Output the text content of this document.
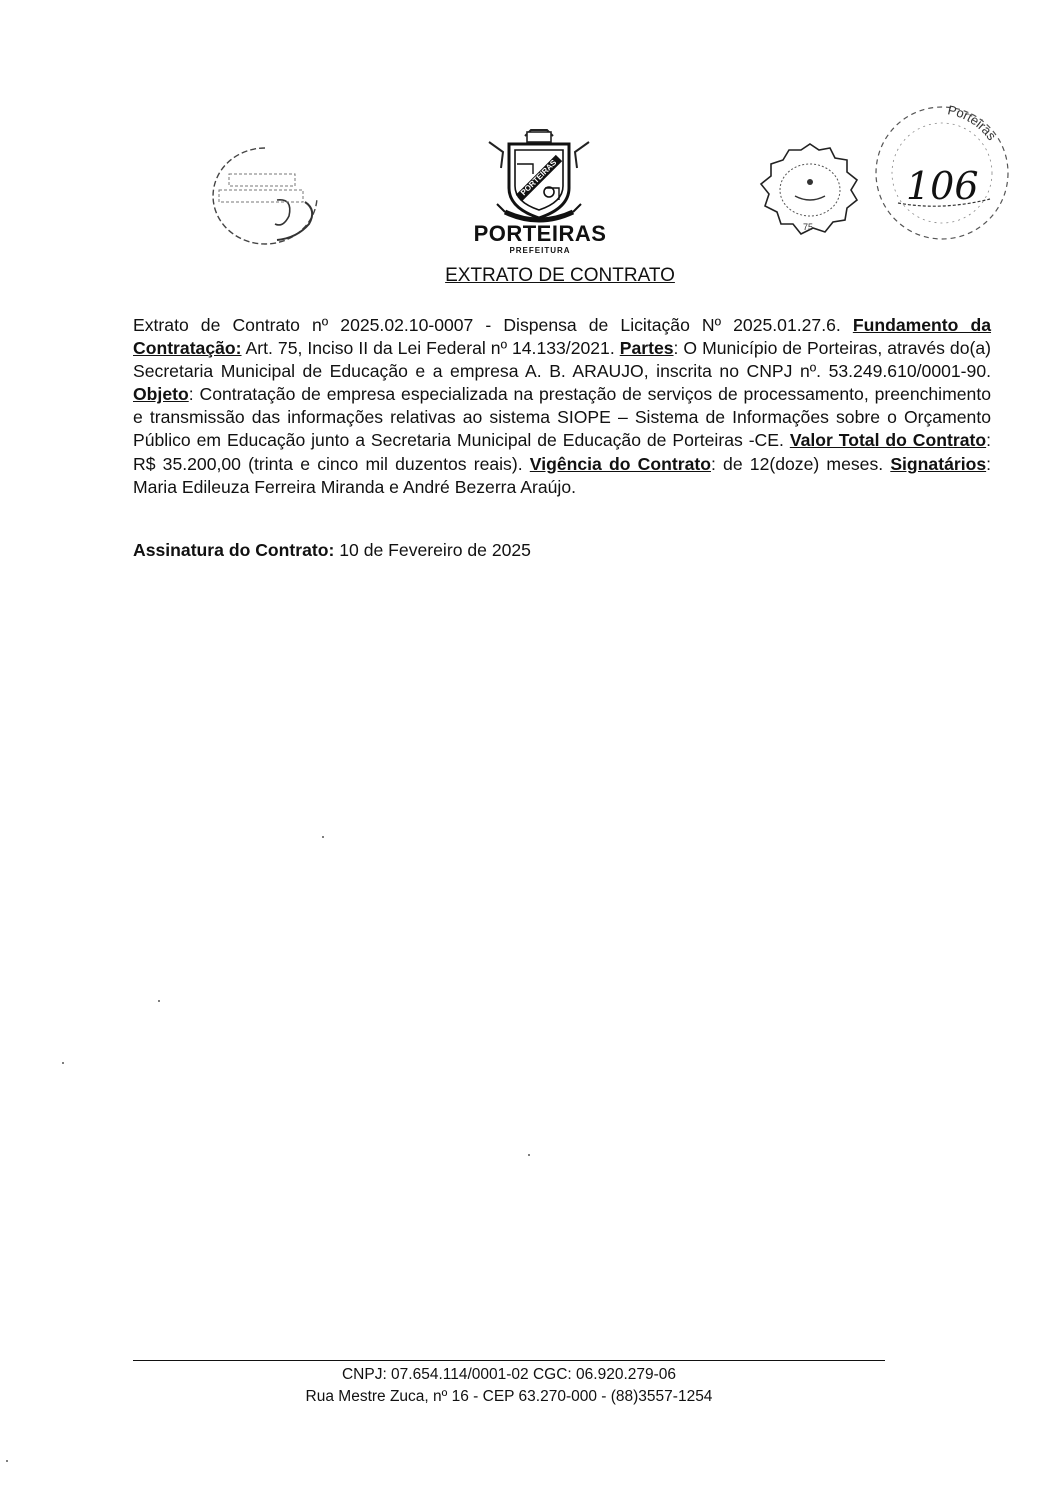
PORTEIRAS
PORTEIRAS
PREFEITURA
75
Porteiras
106
EXTRATO DE CONTRATO
Extrato de Contrato nº 2025.02.10-0007 - Dispensa de Licitação Nº 2025.01.27.6. Fundamento da Contratação: Art. 75, Inciso II da Lei Federal nº 14.133/2021. Partes: O Município de Porteiras, através do(a) Secretaria Municipal de Educação e a empresa A. B. ARAUJO, inscrita no CNPJ nº. 53.249.610/0001-90. Objeto: Contratação de empresa especializada na prestação de serviços de processamento, preenchimento e transmissão das informações relativas ao sistema SIOPE – Sistema de Informações sobre o Orçamento Público em Educação junto a Secretaria Municipal de Educação de Porteiras -CE. Valor Total do Contrato: R$ 35.200,00 (trinta e cinco mil duzentos reais). Vigência do Contrato: de 12(doze) meses. Signatários: Maria Edileuza Ferreira Miranda e André Bezerra Araújo.
Assinatura do Contrato: 10 de Fevereiro de 2025
CNPJ: 07.654.114/0001-02 CGC: 06.920.279-06
Rua Mestre Zuca, nº 16 - CEP 63.270-000 - (88)3557-1254
